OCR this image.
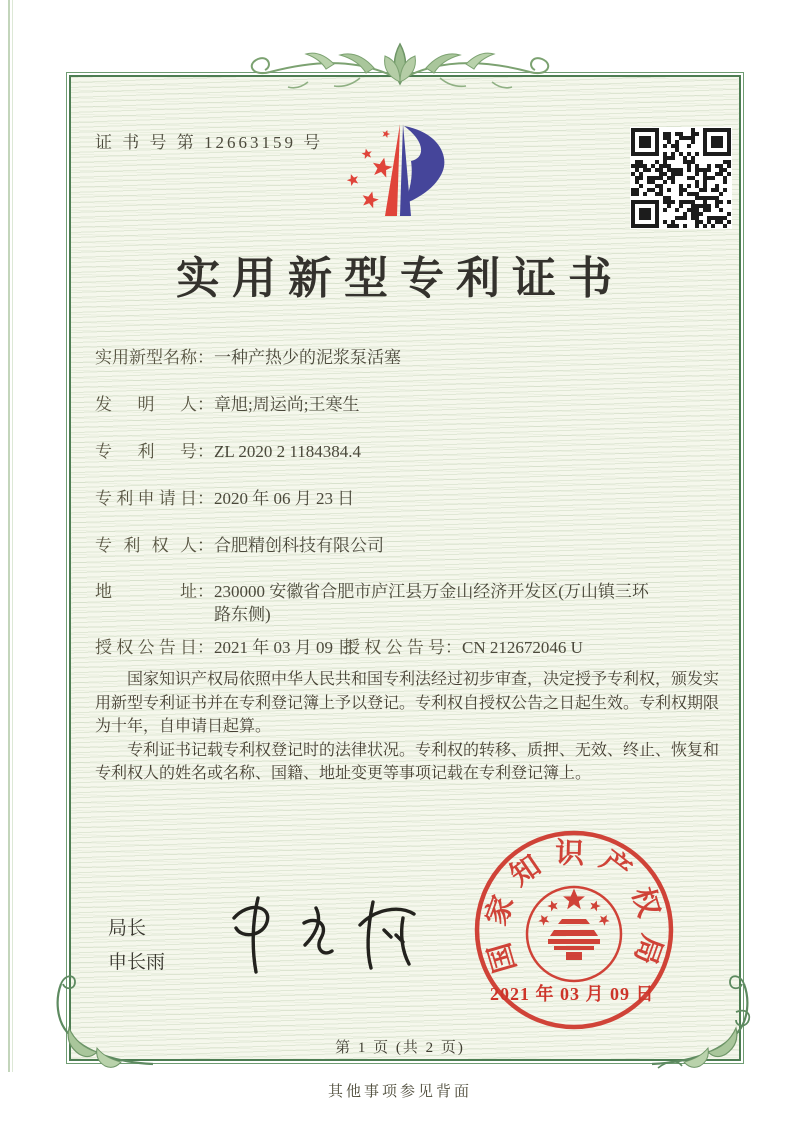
证 书 号 第 12663159 号
实用新型专利证书
实用新型名称 ： 一种产热少的泥浆泵活塞
发明人 ： 章旭;周运尚;王寒生
专利号 ： ZL 2020 2 1184384.4
专利申请日 ： 2020 年 06 月 23 日
专利权人 ： 合肥精创科技有限公司
地址 ： 230000 安徽省合肥市庐江县万金山经济开发区(万山镇三环路东侧)
授权公告日 ： 2021 年 03 月 09 日
授权公告号 ： CN 212672046 U

国家知识产权局依照中华人民共和国专利法经过初步审查，决定授予专利权，颁发实用新型专利证书并在专利登记簿上予以登记。专利权自授权公告之日起生效。专利权期限为十年，自申请日起算。

专利证书记载专利权登记时的法律状况。专利权的转移、质押、无效、终止、恢复和专利权人的姓名或名称、国籍、地址变更等事项记载在专利登记簿上。

局长
申长雨	国家知识产权局
2021 年 03 月 09 日
第 1 页 (共 2 页)
其他事项参见背面
